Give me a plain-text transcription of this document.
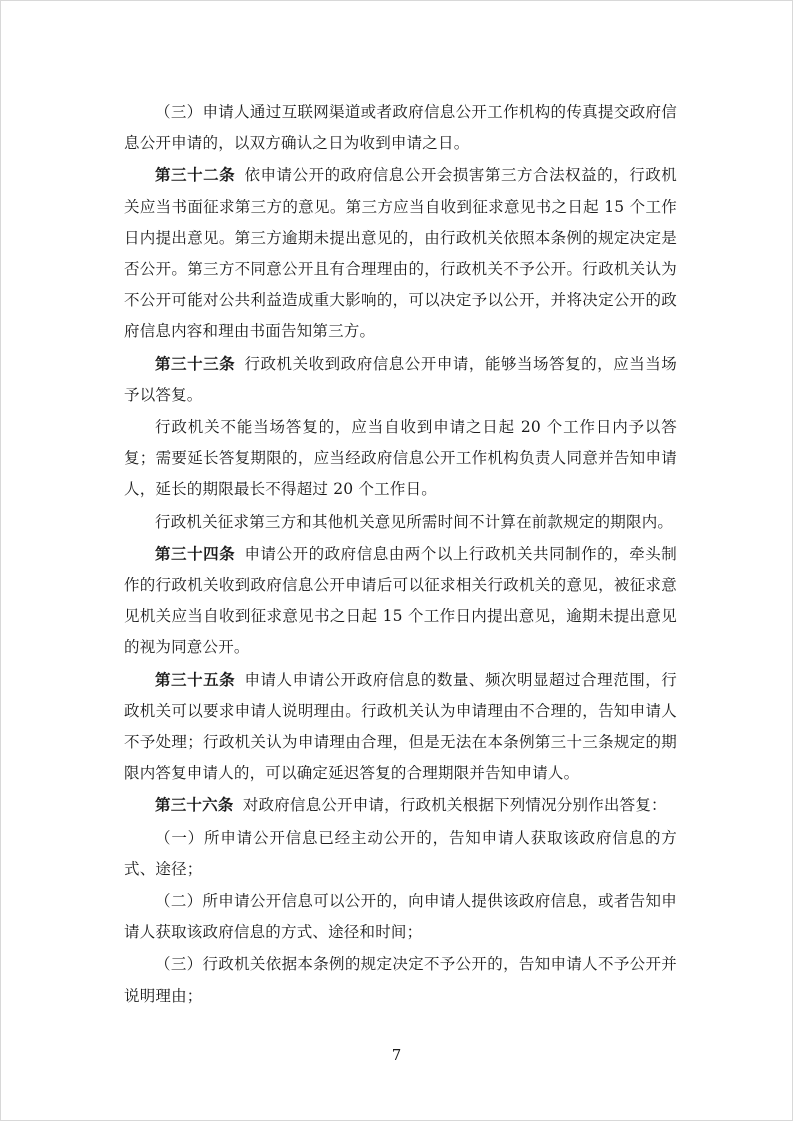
（三）申请人通过互联网渠道或者政府信息公开工作机构的传真提交政府信息公开申请的，以双方确认之日为收到申请之日。

第三十二条 依申请公开的政府信息公开会损害第三方合法权益的，行政机关应当书面征求第三方的意见。第三方应当自收到征求意见书之日起 15 个工作日内提出意见。第三方逾期未提出意见的，由行政机关依照本条例的规定决定是否公开。第三方不同意公开且有合理理由的，行政机关不予公开。行政机关认为不公开可能对公共利益造成重大影响的，可以决定予以公开，并将决定公开的政府信息内容和理由书面告知第三方。

第三十三条 行政机关收到政府信息公开申请，能够当场答复的，应当当场予以答复。

行政机关不能当场答复的，应当自收到申请之日起 20 个工作日内予以答复；需要延长答复期限的，应当经政府信息公开工作机构负责人同意并告知申请人，延长的期限最长不得超过 20 个工作日。

行政机关征求第三方和其他机关意见所需时间不计算在前款规定的期限内。

第三十四条 申请公开的政府信息由两个以上行政机关共同制作的，牵头制作的行政机关收到政府信息公开申请后可以征求相关行政机关的意见，被征求意见机关应当自收到征求意见书之日起 15 个工作日内提出意见，逾期未提出意见的视为同意公开。

第三十五条 申请人申请公开政府信息的数量、频次明显超过合理范围，行政机关可以要求申请人说明理由。行政机关认为申请理由不合理的，告知申请人不予处理；行政机关认为申请理由合理，但是无法在本条例第三十三条规定的期限内答复申请人的，可以确定延迟答复的合理期限并告知申请人。

第三十六条 对政府信息公开申请，行政机关根据下列情况分别作出答复：

（一）所申请公开信息已经主动公开的，告知申请人获取该政府信息的方式、途径；

（二）所申请公开信息可以公开的，向申请人提供该政府信息，或者告知申请人获取该政府信息的方式、途径和时间；

（三）行政机关依据本条例的规定决定不予公开的，告知申请人不予公开并说明理由；

7
